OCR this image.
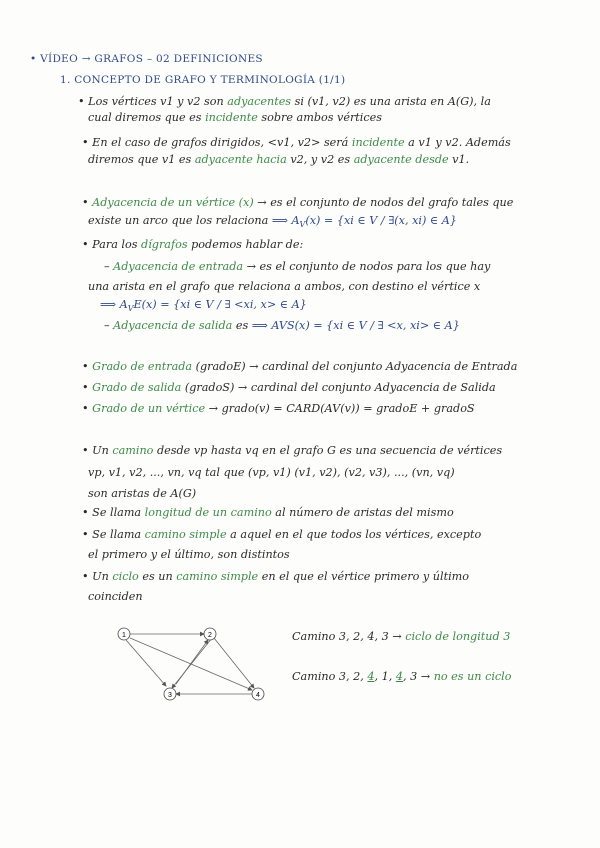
• VÍDEO → GRAFOS – 02 DEFINICIONES
1. CONCEPTO DE GRAFO Y TERMINOLOGÍA (1/1)
• Los vértices v1 y v2 son adyacentes si (v1, v2) es una arista en A(G), la
cual diremos que es incidente sobre ambos vértices
• En el caso de grafos dirigidos, <v1, v2> será incidente a v1 y v2. Además
diremos que v1 es adyacente hacia v2, y v2 es adyacente desde v1.
• Adyacencia de un vértice (x) → es el conjunto de nodos del grafo tales que
existe un arco que los relaciona ⟹ $A_V(x) = \{xi$ ∈ V / ∃(x, xi) ∈ A}
• Para los dígrafos podemos hablar de:
– Adyacencia de entrada → es el conjunto de nodos para los que hay
una arista en el grafo que relaciona a ambos, con destino el vértice x
⟹ $A_VE(x) = \{xi$ ∈ V / ∃ <xi, x> ∈ A}
– Adyacencia de salida es ⟹ AVS(x) = {xi ∈ V / ∃ <x, xi> ∈ A}
• Grado de entrada (gradoE) → cardinal del conjunto Adyacencia de Entrada
• Grado de salida (gradoS) → cardinal del conjunto Adyacencia de Salida
• Grado de un vértice → grado(v) = CARD(AV(v)) = gradoE + gradoS
• Un camino desde vp hasta vq en el grafo G es una secuencia de vértices
vp, v1, v2, ..., vn, vq tal que (vp, v1) (v1, v2), (v2, v3), ..., (vn, vq)
son aristas de A(G)
• Se llama longitud de un camino al número de aristas del mismo
• Se llama camino simple a aquel en el que todos los vértices, excepto
el primero y el último, son distintos
• Un ciclo es un camino simple en el que el vértice primero y último
coinciden
1	2
3	4
Camino 3, 2, 4, 3 → ciclo de longitud 3
Camino 3, 2, 4, 1, 4, 3 → no es un ciclo
